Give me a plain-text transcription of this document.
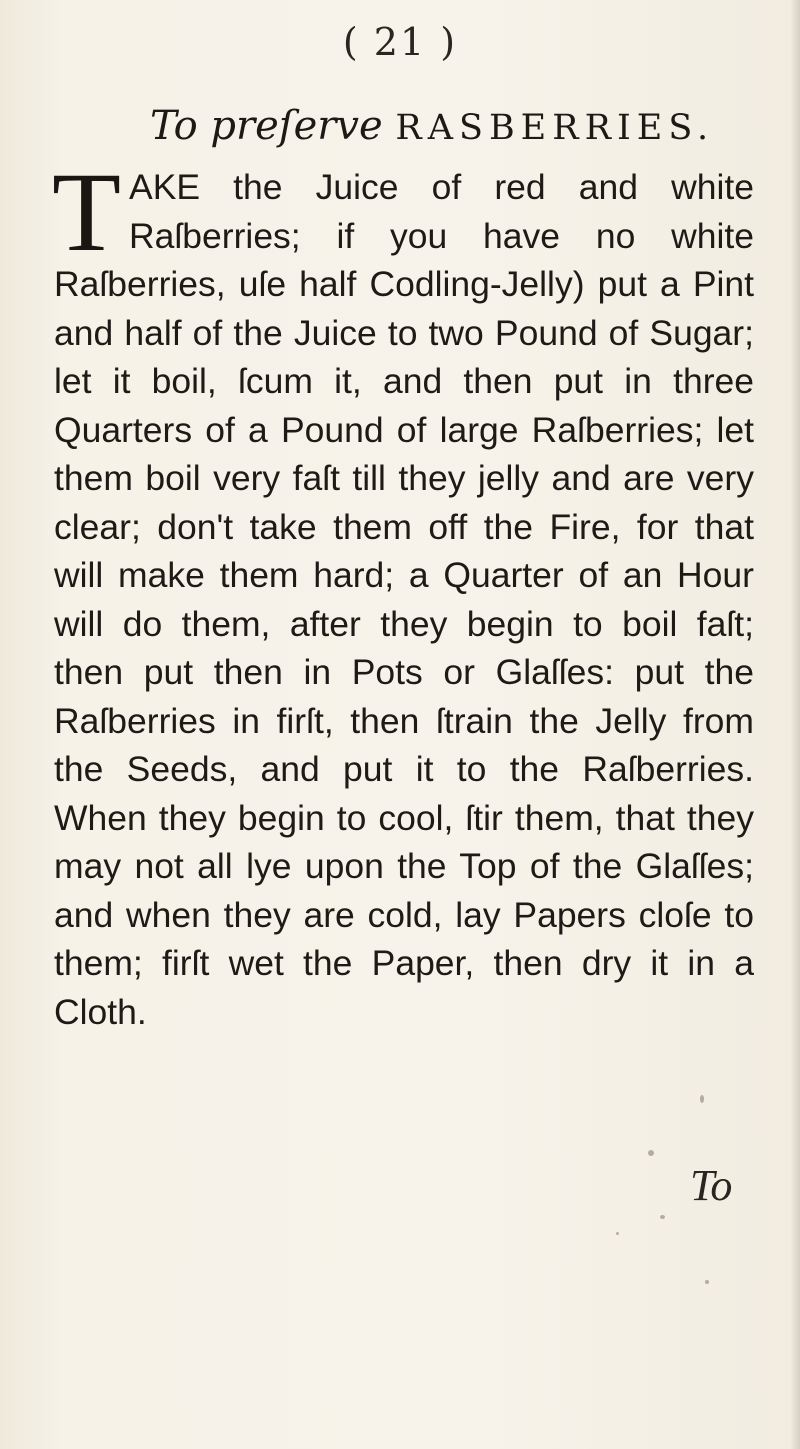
( 21 )
To preſerve RASBERRIES.
TAKE the Juice of red and white Raſberries; if you have no white Raſberries, uſe half Codling-Jelly) put a Pint and half of the Juice to two Pound of Sugar; let it boil, ſcum it, and then put in three Quarters of a Pound of large Raſberries; let them boil very faſt till they jelly and are very clear; don't take them off the Fire, for that will make them hard; a Quarter of an Hour will do them, after they begin to boil faſt; then put then in Pots or Glaſſes: put the Raſberries in firſt, then ſtrain the Jelly from the Seeds, and put it to the Raſberries. When they begin to cool, ſtir them, that they may not all lye upon the Top of the Glaſſes; and when they are cold, lay Papers cloſe to them; firſt wet the Paper, then dry it in a Cloth.
To
